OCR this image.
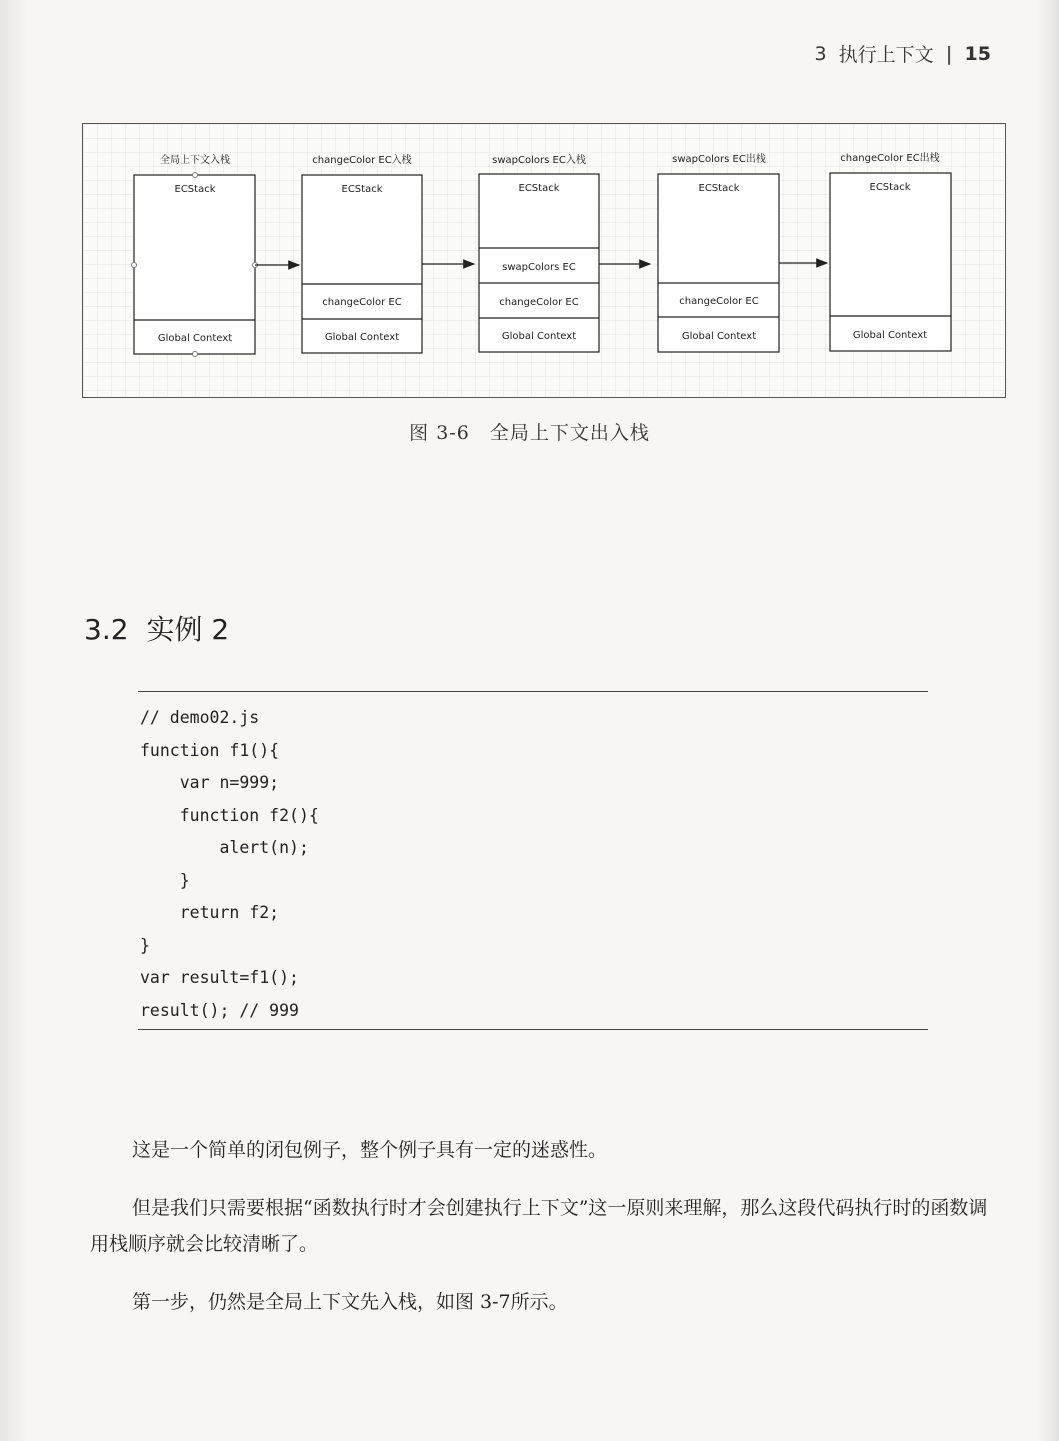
3 执行上下文 | 15
全局上下文入栈
ECStack
Global Context
changeColor EC入栈
ECStack
changeColor EC
Global Context
swapColors EC入栈
ECStack
swapColors EC
changeColor EC
Global Context
swapColors EC出栈
ECStack
changeColor EC
Global Context
changeColor EC出栈
ECStack
Global Context
图 3-6 全局上下文出入栈
3.2 实例 2
// demo02.js
function f1(){
var n=999;
function f2(){
alert(n);
}
return f2;
}
var result=f1();
result(); // 999

这是一个简单的闭包例子，整个例子具有一定的迷惑性。

但是我们只需要根据“函数执行时才会创建执行上下文”这一原则来理解，那么这段代码执行时的函数调用栈顺序就会比较清晰了。

第一步，仍然是全局上下文先入栈，如图 3-7所示。
